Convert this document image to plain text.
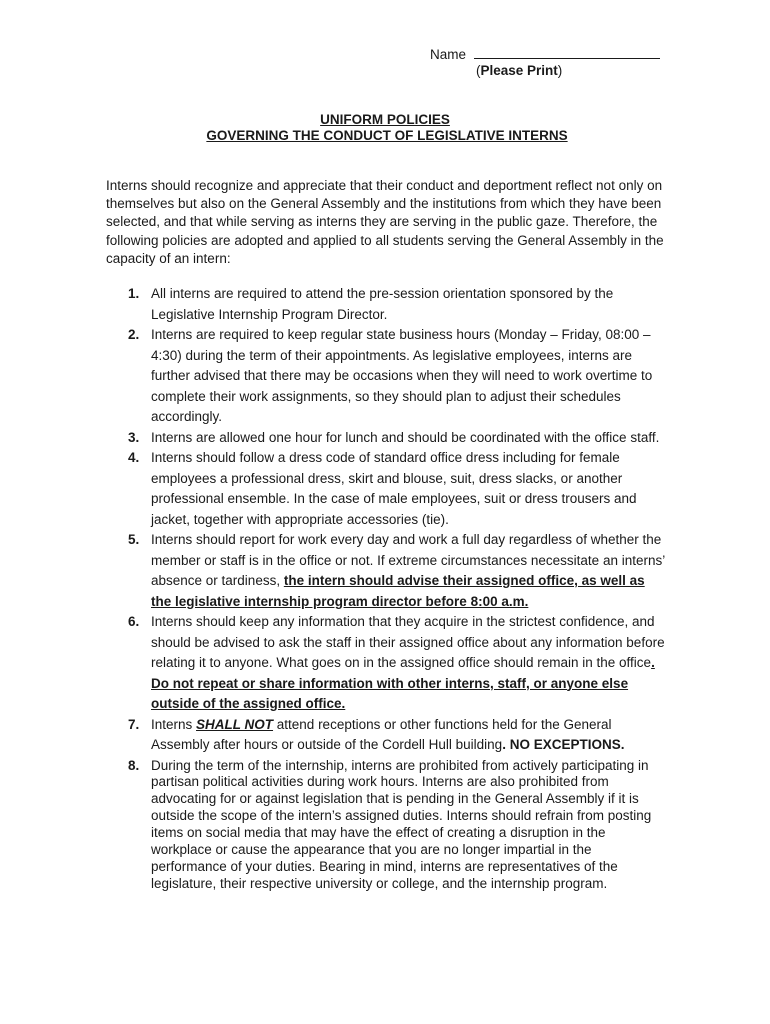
Name
(Please Print)
UNIFORM POLICIES
GOVERNING THE CONDUCT OF LEGISLATIVE INTERNS

Interns should recognize and appreciate that their conduct and deportment reflect not only on themselves but also on the General Assembly and the institutions from which they have been selected, and that while serving as interns they are serving in the public gaze. Therefore, the following policies are adopted and applied to all students serving the General Assembly in the capacity of an intern:

1. All interns are required to attend the pre-session orientation sponsored by the Legislative Internship Program Director.
2. Interns are required to keep regular state business hours (Monday – Friday, 08:00 – 4:30) during the term of their appointments. As legislative employees, interns are further advised that there may be occasions when they will need to work overtime to complete their work assignments, so they should plan to adjust their schedules accordingly.
3. Interns are allowed one hour for lunch and should be coordinated with the office staff.
4. Interns should follow a dress code of standard office dress including for female employees a professional dress, skirt and blouse, suit, dress slacks, or another professional ensemble. In the case of male employees, suit or dress trousers and jacket, together with appropriate accessories (tie).
5. Interns should report for work every day and work a full day regardless of whether the member or staff is in the office or not. If extreme circumstances necessitate an interns’ absence or tardiness, the intern should advise their assigned office, as well as the legislative internship program director before 8:00 a.m.
6. Interns should keep any information that they acquire in the strictest confidence, and should be advised to ask the staff in their assigned office about any information before relating it to anyone. What goes on in the assigned office should remain in the office. Do not repeat or share information with other interns, staff, or anyone else outside of the assigned office.
7. Interns SHALL NOT attend receptions or other functions held for the General Assembly after hours or outside of the Cordell Hull building. NO EXCEPTIONS.
8. During the term of the internship, interns are prohibited from actively participating in partisan political activities during work hours. Interns are also prohibited from advocating for or against legislation that is pending in the General Assembly if it is outside the scope of the intern’s assigned duties. Interns should refrain from posting items on social media that may have the effect of creating a disruption in the workplace or cause the appearance that you are no longer impartial in the performance of your duties. Bearing in mind, interns are representatives of the legislature, their respective university or college, and the internship program.
